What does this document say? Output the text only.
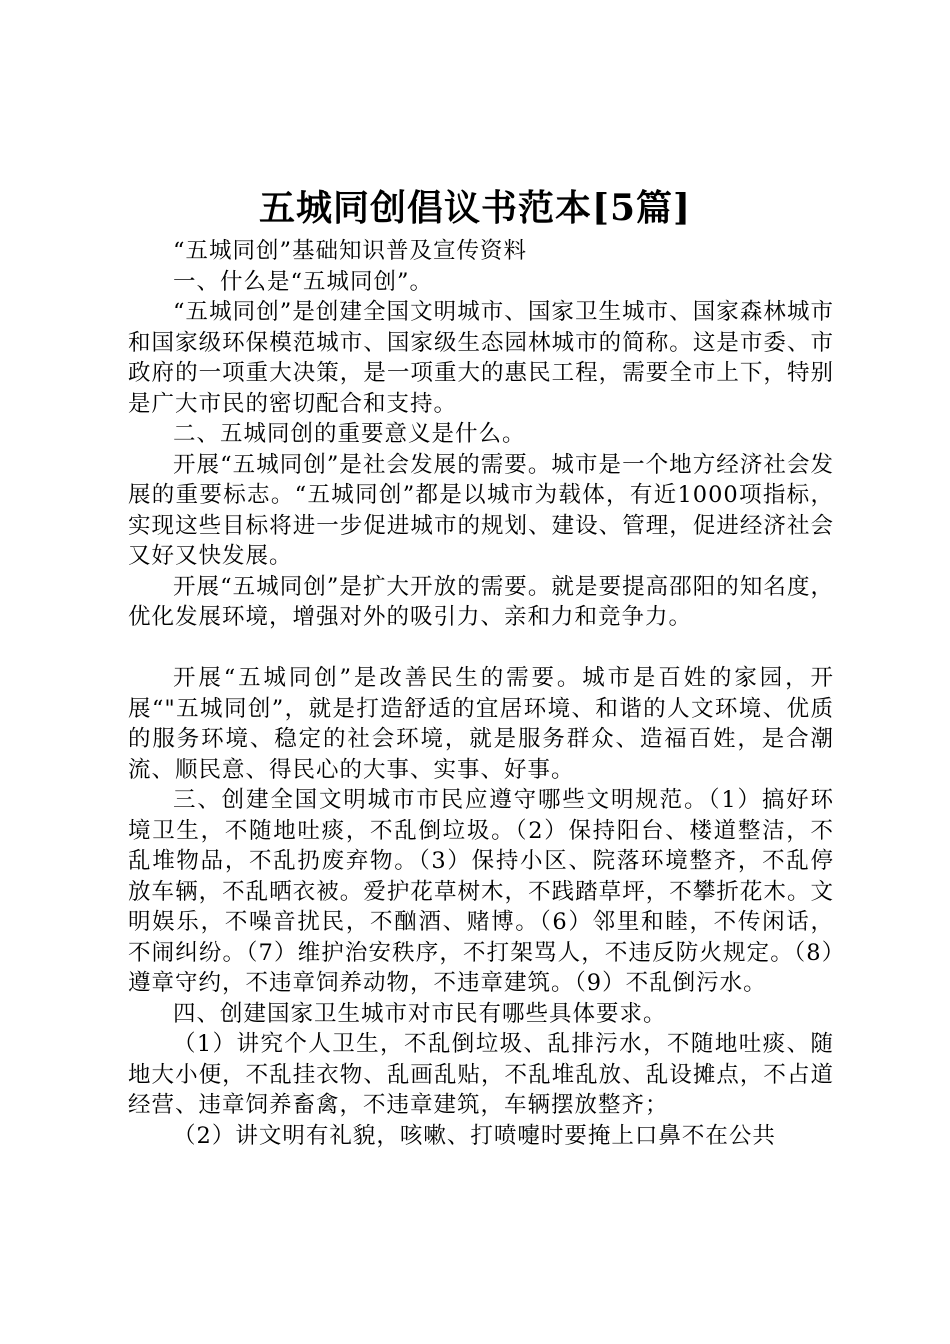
五城同创倡议书范本[5篇]

“五城同创”基础知识普及宣传资料

一、什么是“五城同创”。

“五城同创”是创建全国文明城市、国家卫生城市、国家森林城市和国家级环保模范城市、国家级生态园林城市的简称。这是市委、市政府的一项重大决策，是一项重大的惠民工程，需要全市上下，特别是广大市民的密切配合和支持。

二、五城同创的重要意义是什么。

开展“五城同创”是社会发展的需要。城市是一个地方经济社会发展的重要标志。“五城同创”都是以城市为载体，有近1000项指标，实现这些目标将进一步促进城市的规划、建设、管理，促进经济社会又好又快发展。

开展“五城同创”是扩大开放的需要。就是要提高邵阳的知名度，优化发展环境，增强对外的吸引力、亲和力和竞争力。

开展“五城同创”是改善民生的需要。城市是百姓的家园，开展“"五城同创”，就是打造舒适的宜居环境、和谐的人文环境、优质的服务环境、稳定的社会环境，就是服务群众、造福百姓，是合潮流、顺民意、得民心的大事、实事、好事。

三、创建全国文明城市市民应遵守哪些文明规范。（1）搞好环境卫生，不随地吐痰，不乱倒垃圾。（2）保持阳台、楼道整洁，不乱堆物品，不乱扔废弃物。（3）保持小区、院落环境整齐，不乱停放车辆，不乱晒衣被。爱护花草树木，不践踏草坪，不攀折花木。文明娱乐，不噪音扰民，不酗酒、赌博。（6）邻里和睦，不传闲话，不闹纠纷。（7）维护治安秩序，不打架骂人，不违反防火规定。（8）遵章守约，不违章饲养动物，不违章建筑。（9）不乱倒污水。

四、创建国家卫生城市对市民有哪些具体要求。

（1）讲究个人卫生，不乱倒垃圾、乱排污水，不随地吐痰、随地大小便，不乱挂衣物、乱画乱贴，不乱堆乱放、乱设摊点，不占道经营、违章饲养畜禽，不违章建筑，车辆摆放整齐；

（2）讲文明有礼貌，咳嗽、打喷嚏时要掩上口鼻不在公共
